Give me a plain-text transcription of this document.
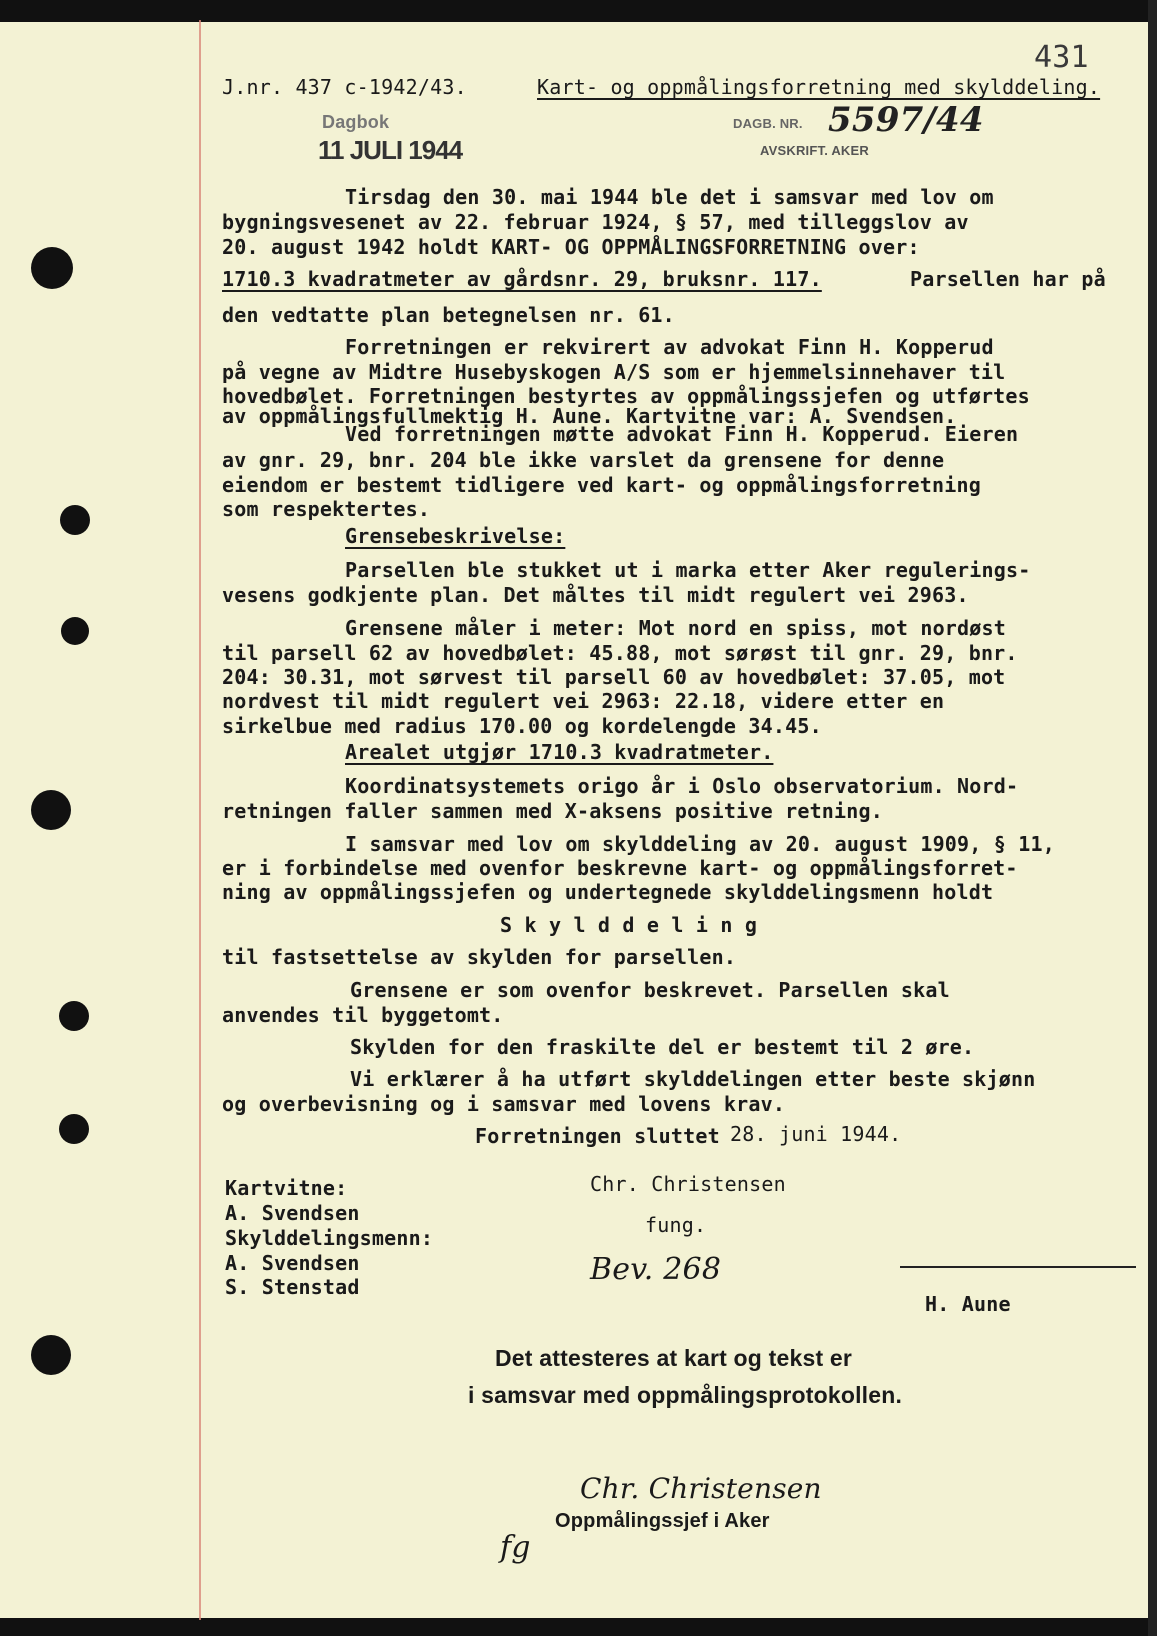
431
J.nr. 437 c-1942/43.	Kart- og oppmålingsforretning med skylddeling.
Dagbok
11 JULI 1944
DAGB. NR. 5597/44
AVSKRIFT. AKER
Tirsdag den 30. mai 1944 ble det i samsvar med lov om
bygningsvesenet av 22. februar 1924, § 57, med tilleggslov av
20. august 1942 holdt KART- OG OPPMÅLINGSFORRETNING over:
1710.3 kvadratmeter av gårdsnr. 29, bruksnr. 117.	Parsellen har på
den vedtatte plan betegnelsen nr. 61.
Forretningen er rekvirert av advokat Finn H. Kopperud
på vegne av Midtre Husebyskogen A/S som er hjemmelsinnehaver til
hovedbølet. Forretningen bestyrtes av oppmålingssjefen og utførtes
av oppmålingsfullmektig H. Aune. Kartvitne var: A. Svendsen.
Ved forretningen møtte advokat Finn H. Kopperud. Eieren
av gnr. 29, bnr. 204 ble ikke varslet da grensene for denne
eiendom er bestemt tidligere ved kart- og oppmålingsforretning
som respektertes.
Grensebeskrivelse:
Parsellen ble stukket ut i marka etter Aker regulerings-
vesens godkjente plan. Det måltes til midt regulert vei 2963.
Grensene måler i meter: Mot nord en spiss, mot nordøst
til parsell 62 av hovedbølet: 45.88, mot sørøst til gnr. 29, bnr.
204: 30.31, mot sørvest til parsell 60 av hovedbølet: 37.05, mot
nordvest til midt regulert vei 2963: 22.18, videre etter en
sirkelbue med radius 170.00 og kordelengde 34.45.
Arealet utgjør 1710.3 kvadratmeter.
Koordinatsystemets origo år i Oslo observatorium. Nord-
retningen faller sammen med X-aksens positive retning.
I samsvar med lov om skylddeling av 20. august 1909, § 11,
er i forbindelse med ovenfor beskrevne kart- og oppmålingsforret-
ning av oppmålingssjefen og undertegnede skylddelingsmenn holdt
S k y l d d e l i n g
til fastsettelse av skylden for parsellen.
Grensene er som ovenfor beskrevet. Parsellen skal
anvendes til byggetomt.
Skylden for den fraskilte del er bestemt til 2 øre.
Vi erklærer å ha utført skylddelingen etter beste skjønn
og overbevisning og i samsvar med lovens krav.
Forretningen sluttet 28. juni 1944.
Kartvitne:
A. Svendsen
Skylddelingsmenn:
A. Svendsen
S. Stenstad
Chr. Christensen
fung.
Bev. 268
H. Aune
Det attesteres at kart og tekst er
i samsvar med oppmålingsprotokollen.
Chr. Christensen
fg
Oppmålingssjef i Aker
